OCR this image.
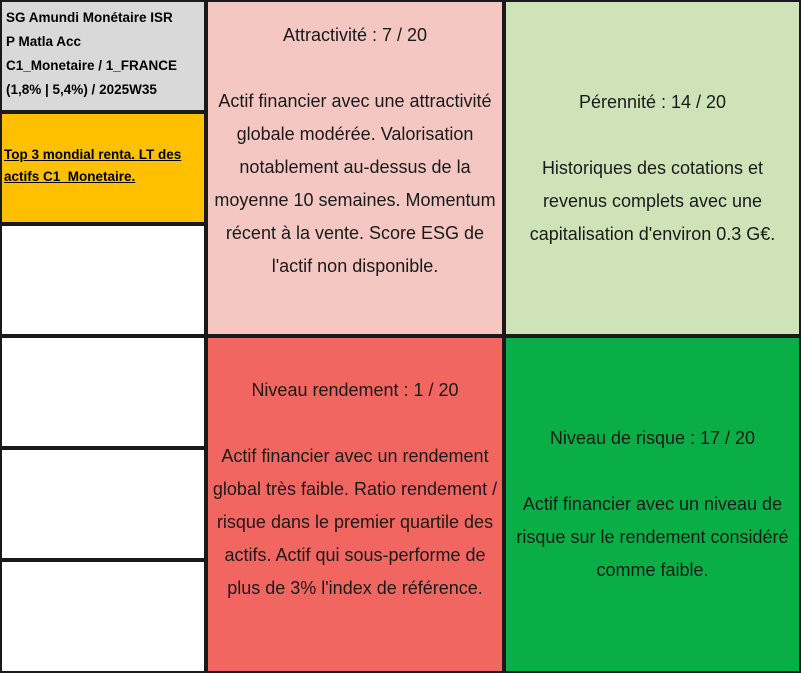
SG Amundi Monétaire ISR
P Matla Acc
C1_Monetaire / 1_FRANCE
(1,8% | 5,4%) / 2025W35
Top 3 mondial renta. LT des actifs C1_Monetaire.
Attractivité : 7 / 20
Actif financier avec une attractivité globale modérée. Valorisation notablement au-dessus de la moyenne 10 semaines. Momentum récent à la vente. Score ESG de l'actif non disponible.
Pérennité : 14 / 20
Historiques des cotations et revenus complets avec une capitalisation d'environ 0.3 G€.
Niveau rendement : 1 / 20
Actif financier avec un rendement global très faible. Ratio rendement / risque dans le premier quartile des actifs. Actif qui sous-performe de plus de 3% l'index de référence.
Niveau de risque : 17 / 20
Actif financier avec un niveau de risque sur le rendement considéré comme faible.
